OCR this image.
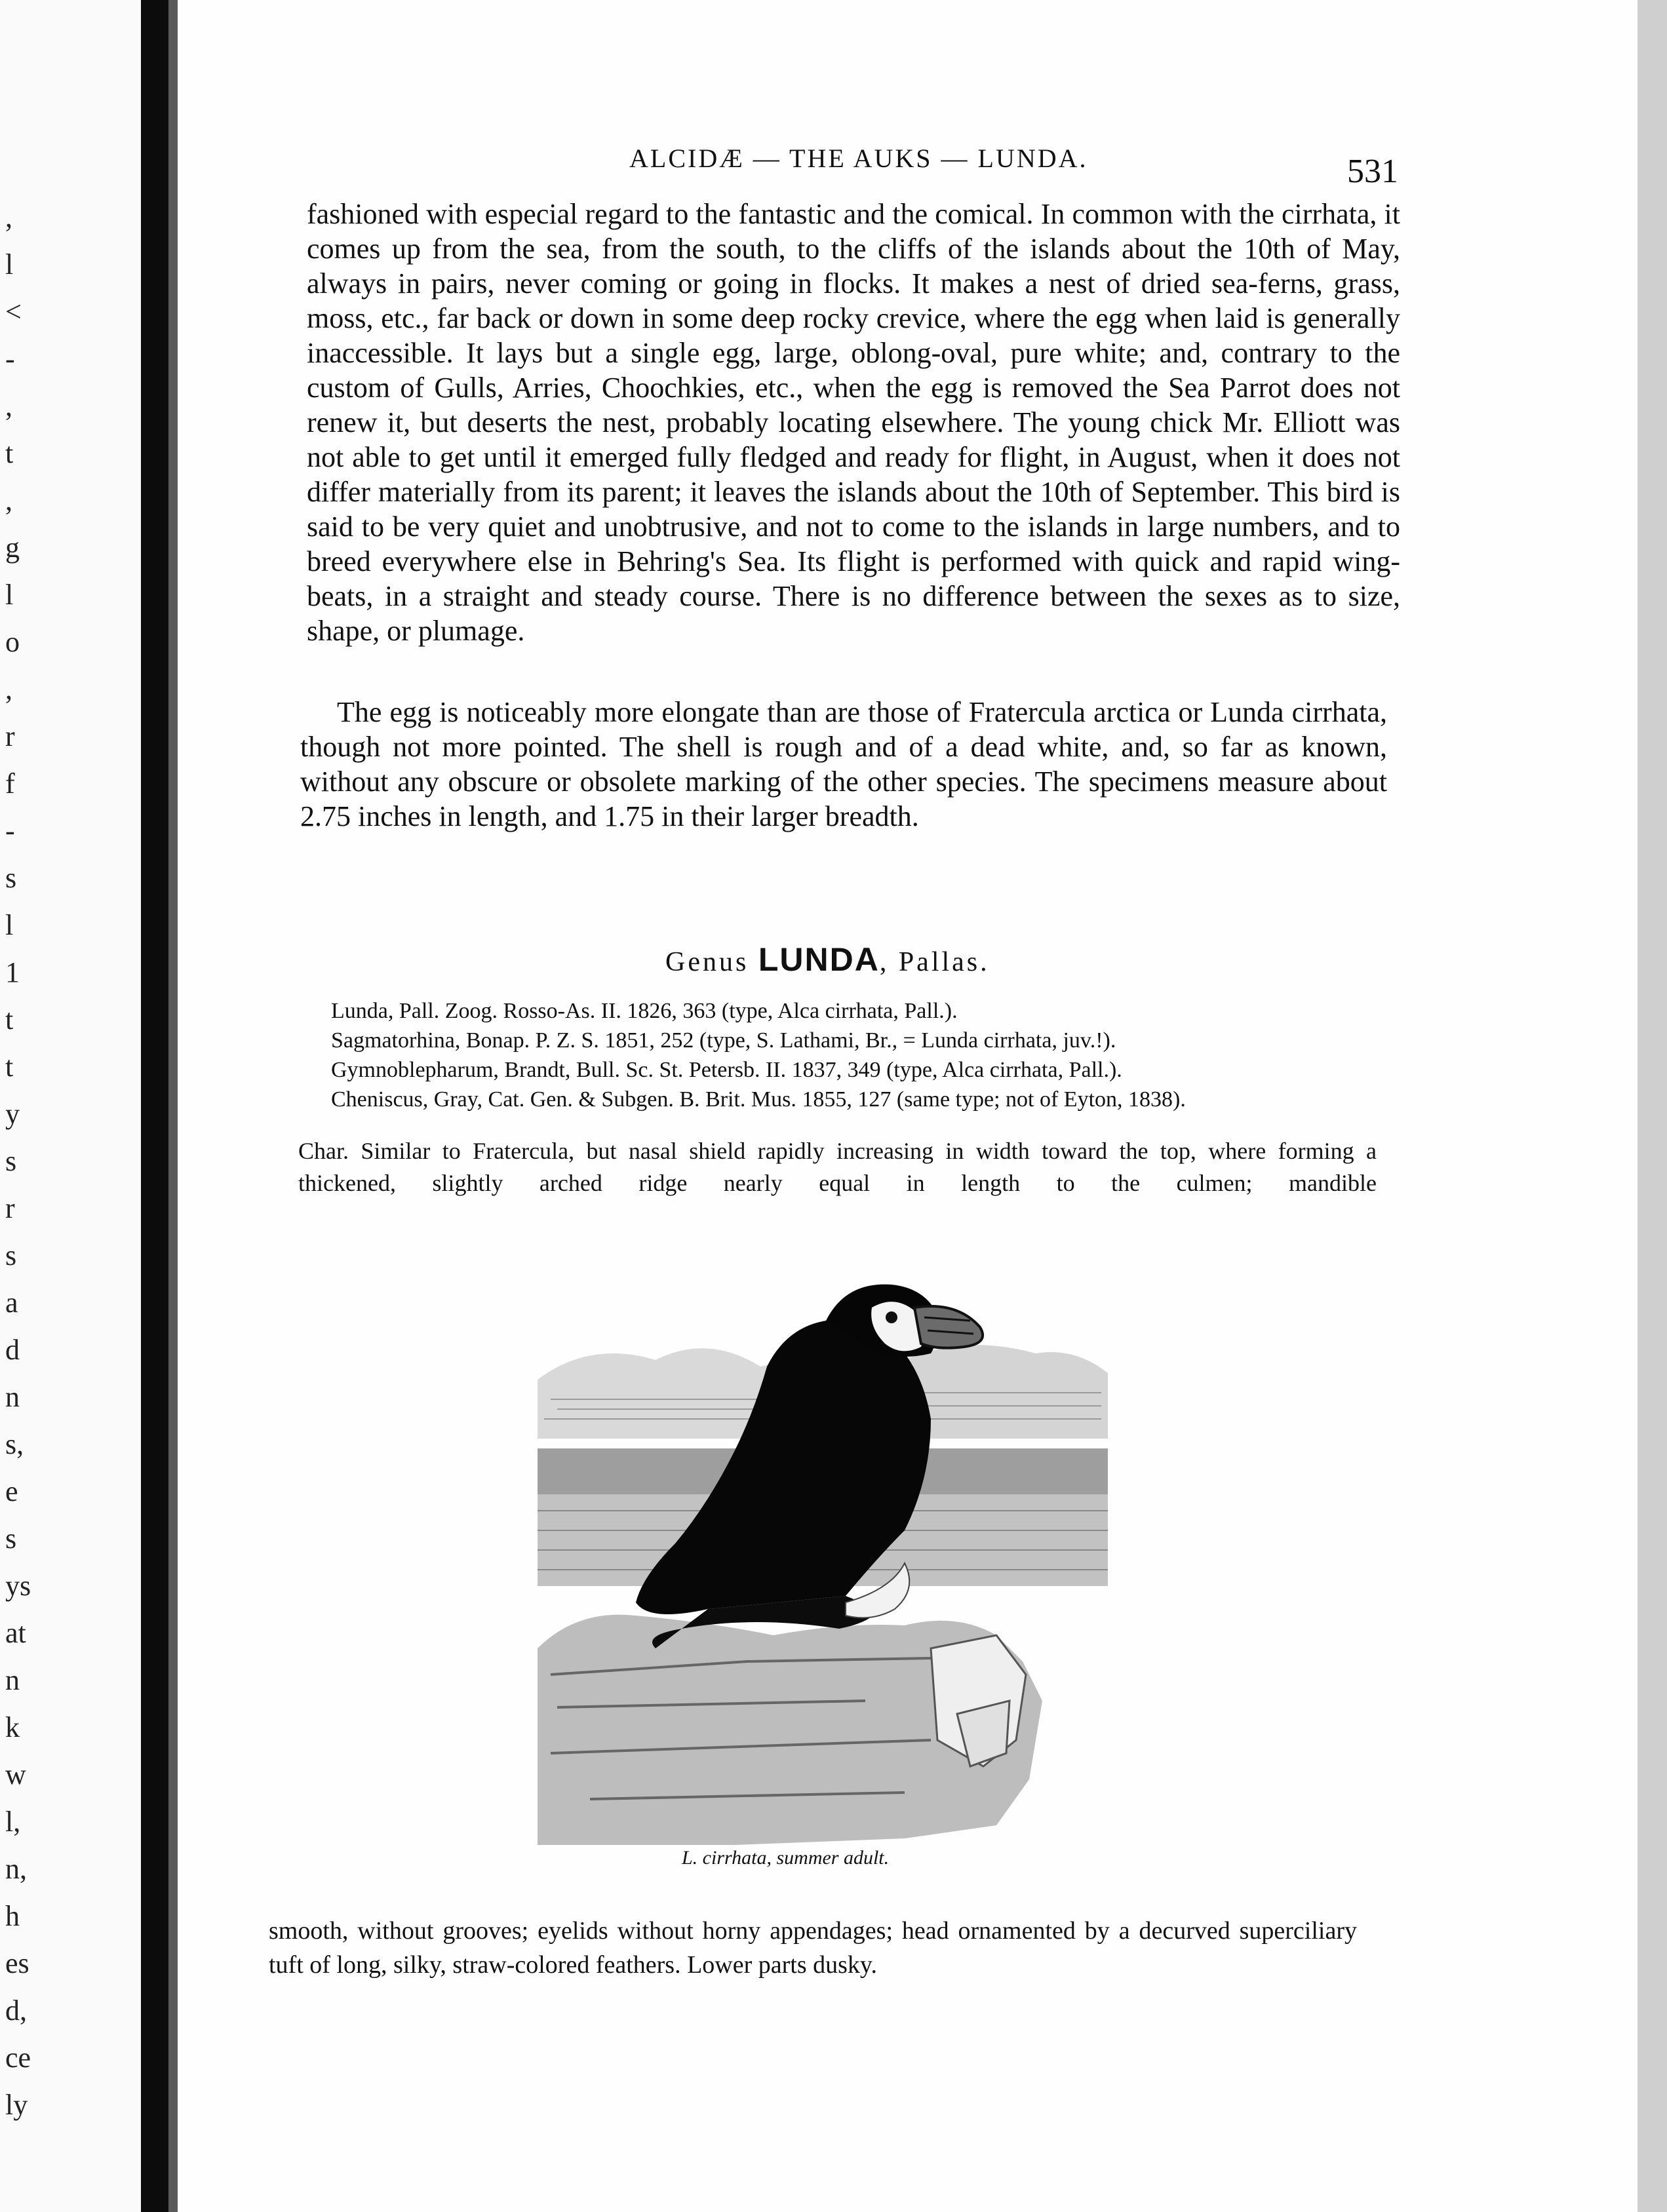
,
l
<
-
,
t
,
g
l
o
,
r
f
-
s
l
1
t
t
y
s
r
s
a
d
n
s,
e
s
ys
at
n
k
w
l,
n,
h
es
d,
ce
ly
ALCIDÆ — THE AUKS — LUNDA.	531

fashioned with especial regard to the fantastic and the comical. In common with the cirrhata, it comes up from the sea, from the south, to the cliffs of the islands about the 10th of May, always in pairs, never coming or going in flocks. It makes a nest of dried sea-ferns, grass, moss, etc., far back or down in some deep rocky crevice, where the egg when laid is generally inaccessible. It lays but a single egg, large, oblong-oval, pure white; and, contrary to the custom of Gulls, Arries, Choochkies, etc., when the egg is removed the Sea Parrot does not renew it, but deserts the nest, probably locating elsewhere. The young chick Mr. Elliott was not able to get until it emerged fully fledged and ready for flight, in August, when it does not differ materially from its parent; it leaves the islands about the 10th of September. This bird is said to be very quiet and unobtrusive, and not to come to the islands in large numbers, and to breed everywhere else in Behring's Sea. Its flight is performed with quick and rapid wing-beats, in a straight and steady course. There is no difference between the sexes as to size, shape, or plumage.

The egg is noticeably more elongate than are those of Fratercula arctica or Lunda cirrhata, though not more pointed. The shell is rough and of a dead white, and, so far as known, without any obscure or obsolete marking of the other species. The specimens measure about 2.75 inches in length, and 1.75 in their larger breadth.

Genus LUNDA, Pallas.
Lunda, Pall. Zoog. Rosso-As. II. 1826, 363 (type, Alca cirrhata, Pall.).
Sagmatorhina, Bonap. P. Z. S. 1851, 252 (type, S. Lathami, Br., = Lunda cirrhata, juv.!).
Gymnoblepharum, Brandt, Bull. Sc. St. Petersb. II. 1837, 349 (type, Alca cirrhata, Pall.).
Cheniscus, Gray, Cat. Gen. & Subgen. B. Brit. Mus. 1855, 127 (same type; not of Eyton, 1838).
Char. Similar to Fratercula, but nasal shield rapidly increasing in width toward the top, where forming a thickened, slightly arched ridge nearly equal in length to the culmen; mandible
L. cirrhata, summer adult.
smooth, without grooves; eyelids without horny appendages; head ornamented by a decurved superciliary tuft of long, silky, straw-colored feathers. Lower parts dusky.
